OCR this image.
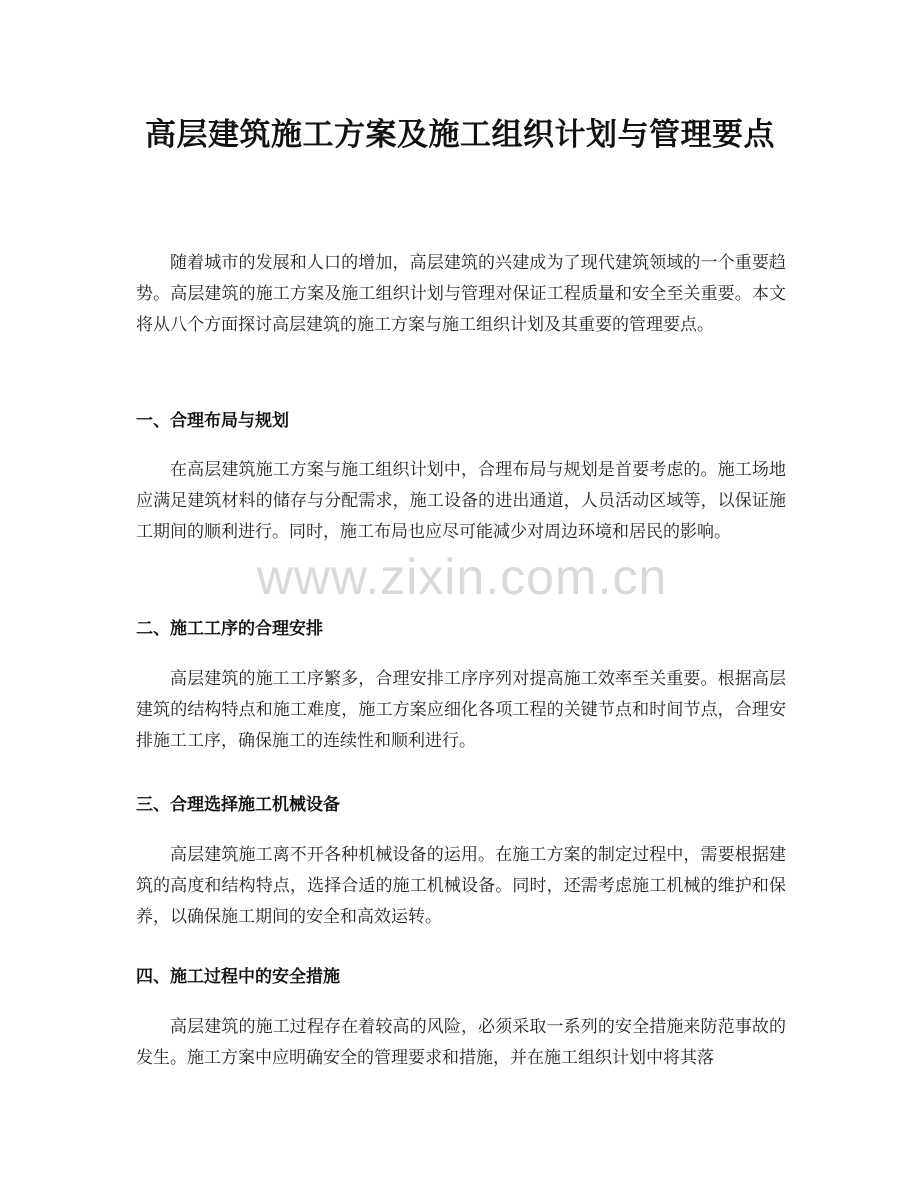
高层建筑施工方案及施工组织计划与管理要点
随着城市的发展和人口的增加，高层建筑的兴建成为了现代建筑领域的一个重要趋势。高层建筑的施工方案及施工组织计划与管理对保证工程质量和安全至关重要。本文将从八个方面探讨高层建筑的施工方案与施工组织计划及其重要的管理要点。
一、合理布局与规划
在高层建筑施工方案与施工组织计划中，合理布局与规划是首要考虑的。施工场地应满足建筑材料的储存与分配需求，施工设备的进出通道，人员活动区域等，以保证施工期间的顺利进行。同时，施工布局也应尽可能减少对周边环境和居民的影响。
二、施工工序的合理安排
高层建筑的施工工序繁多，合理安排工序序列对提高施工效率至关重要。根据高层建筑的结构特点和施工难度，施工方案应细化各项工程的关键节点和时间节点，合理安排施工工序，确保施工的连续性和顺利进行。
三、合理选择施工机械设备
高层建筑施工离不开各种机械设备的运用。在施工方案的制定过程中，需要根据建筑的高度和结构特点，选择合适的施工机械设备。同时，还需考虑施工机械的维护和保养，以确保施工期间的安全和高效运转。
四、施工过程中的安全措施
高层建筑的施工过程存在着较高的风险，必须采取一系列的安全措施来防范事故的发生。施工方案中应明确安全的管理要求和措施，并在施工组织计划中将其落
www.zixin.com.cn
